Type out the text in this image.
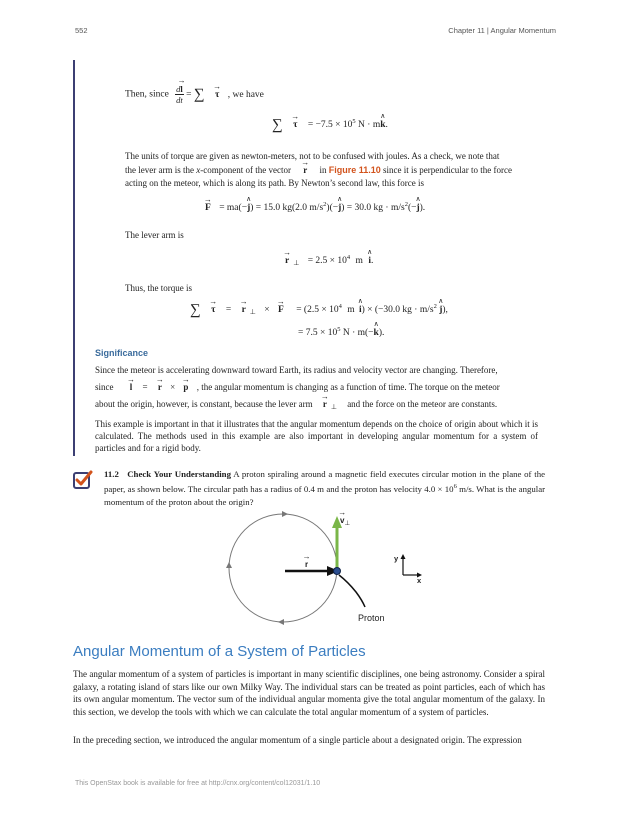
552	Chapter 11 | Angular Momentum
Then, since $\frac{d\to l}{dt}$ = ∑ → τ , we have
∑ → $\tau = -7.5 \times 10^5$ N · m∧ k.
The units of torque are given as newton-meters, not to be confused with joules. As a check, we note that
the lever arm is the x-component of the vector → r in Figure 11.10 since it is perpendicular to the force
acting on the meteor, which is along its path. By Newton’s second law, this force is
→ F = ma(−∧ j) = 15.0 kg(2.0 $m/s^2)(-\wedge$ j) = 30.0 kg · $m/s^2(-\wedge$ j).
The lever arm is
→ r $_\perp = 2.5 \times 10^4$ m ∧ i.
Thus, the torque is
∑ → τ = → r $_\perp$ × → $F = (2.5 \times 10^4$ m ∧ i) × (−30.0 kg · $m/s^2$ ∧ j),
= $7.5 \times 10^5$ N · m(−∧ k).
Significance
Since the meteor is accelerating downward toward Earth, its radius and velocity vector are changing. Therefore,
since → l = → r × → p , the angular momentum is changing as a function of time. The torque on the meteor
about the origin, however, is constant, because the lever arm → r $_\perp$ and the force on the meteor are constants.
This example is important in that it illustrates that the angular momentum depends on the choice of origin about which it is calculated. The methods used in this example are also important in developing angular momentum for a system of particles and for a rigid body.
11.2 Check Your Understanding A proton spiraling around a magnetic field executes circular motion in the plane of the paper, as shown below. The circular path has a radius of 0.4 m and the proton has velocity $4.0 \times 10^6$ m/s. What is the angular momentum of the proton about the origin?
→ $v_\perp$
→ r
Proton
y
x
Angular Momentum of a System of Particles
The angular momentum of a system of particles is important in many scientific disciplines, one being astronomy. Consider a spiral galaxy, a rotating island of stars like our own Milky Way. The individual stars can be treated as point particles, each of which has its own angular momentum. The vector sum of the individual angular momenta give the total angular momentum of the galaxy. In this section, we develop the tools with which we can calculate the total angular momentum of a system of particles.
In the preceding section, we introduced the angular momentum of a single particle about a designated origin. The expression
This OpenStax book is available for free at http://cnx.org/content/col12031/1.10
